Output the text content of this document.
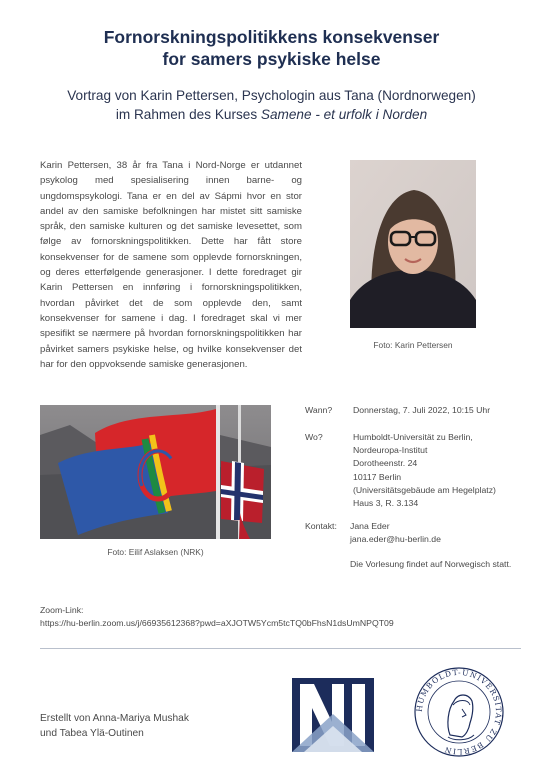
Fornorskningspolitikkens konsekvenser
for samers psykiske helse
Vortrag von Karin Pettersen, Psychologin aus Tana (Nordnorwegen)
im Rahmen des Kurses Samene - et urfolk i Norden
Karin Pettersen, 38 år fra Tana i Nord-Norge er utdannet psykolog med spesialisering innen barne- og ungdomspsykologi. Tana er en del av Sápmi hvor en stor andel av den samiske befolkningen har mistet sitt samiske språk, den samiske kulturen og det samiske levesettet, som følge av fornorskningspolitikken. Dette har fått store konsekvenser for de samene som opplevde fornorskningen, og deres etterfølgende generasjoner. I dette foredraget gir Karin Pettersen en innføring i fornorskningspolitikken, hvordan påvirket det de som opplevde den, samt konsekvenser for samene i dag. I foredraget skal vi mer spesifikt se nærmere på hvordan fornorskningspolitikken har påvirket samers psykiske helse, og hvilke konsekvenser det har for den oppvoksende samiske generasjonen.
Foto: Karin Pettersen
Foto: Eilif Aslaksen (NRK)
Wann? Donnerstag, 7. Juli 2022, 10:15 Uhr
Wo?	Humboldt-Universität zu Berlin,
Nordeuropa-Institut
Dorotheenstr. 24
10117 Berlin
(Universitätsgebäude am Hegelplatz)
Haus 3, R. 3.134
Kontakt: Jana Eder
jana.eder@hu-berlin.de
Die Vorlesung findet auf Norwegisch statt.
Zoom-Link:
https://hu-berlin.zoom.us/j/66935612368?pwd=aXJOTW5Ycm5tcTQ0bFhsN1dsUmNPQT09
Erstellt von Anna-Mariya Mushak
und Tabea Ylä-Outinen
HUMBOLDT-UNIVERSITÄT ZU BERLIN
